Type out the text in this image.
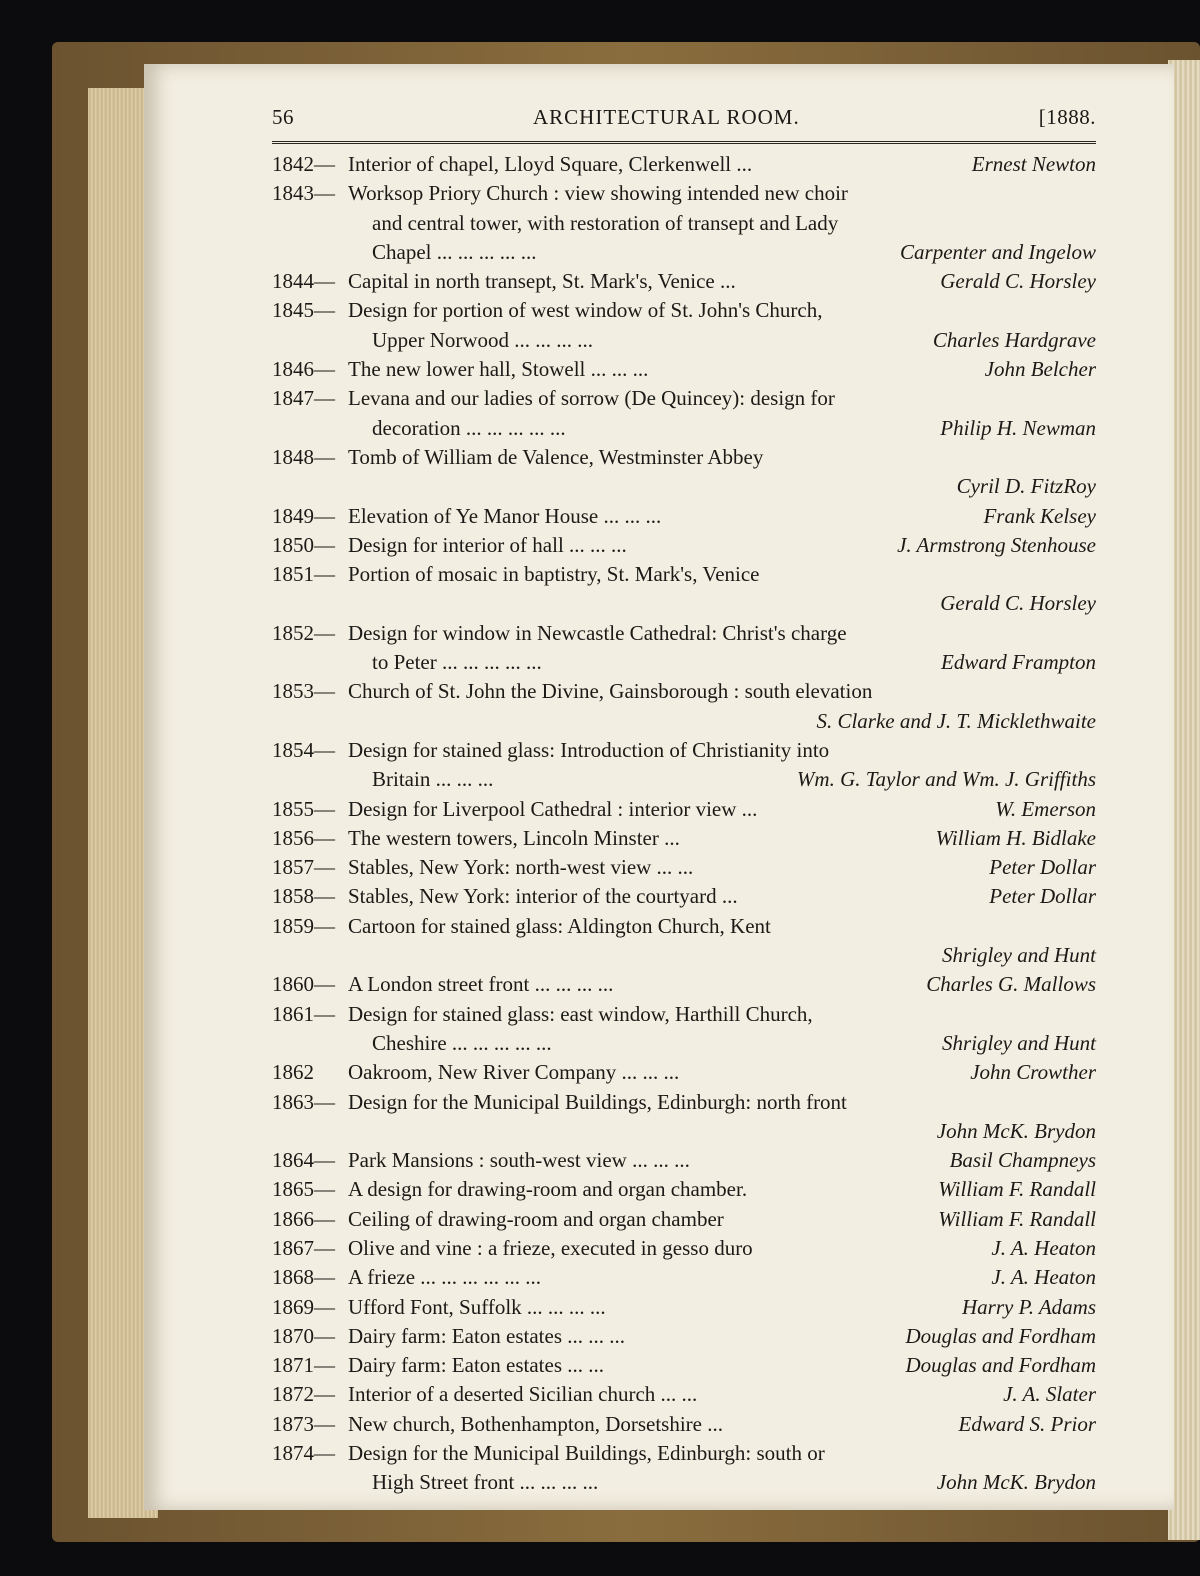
56	ARCHITECTURAL ROOM.	[1888.
1842— Interior of chapel, Lloyd Square, Clerkenwell ...	Ernest Newton
1843— Worksop Priory Church : view showing intended new choir
and central tower, with restoration of transept and Lady
Chapel ... ... ... ... ...	Carpenter and Ingelow
1844— Capital in north transept, St. Mark's, Venice ...	Gerald C. Horsley
1845— Design for portion of west window of St. John's Church,
Upper Norwood ... ... ... ...	Charles Hardgrave
1846— The new lower hall, Stowell ... ... ...	John Belcher
1847— Levana and our ladies of sorrow (De Quincey): design for
decoration ... ... ... ... ...	Philip H. Newman
1848— Tomb of William de Valence, Westminster Abbey
Cyril D. FitzRoy
1849— Elevation of Ye Manor House ... ... ...	Frank Kelsey
1850— Design for interior of hall ... ... ...	J. Armstrong Stenhouse
1851— Portion of mosaic in baptistry, St. Mark's, Venice
Gerald C. Horsley
1852— Design for window in Newcastle Cathedral: Christ's charge
to Peter ... ... ... ... ...	Edward Frampton
1853— Church of St. John the Divine, Gainsborough : south elevation
S. Clarke and J. T. Micklethwaite
1854— Design for stained glass: Introduction of Christianity into
Britain ... ... ...	Wm. G. Taylor and Wm. J. Griffiths
1855— Design for Liverpool Cathedral : interior view ...	W. Emerson
1856— The western towers, Lincoln Minster ...	William H. Bidlake
1857— Stables, New York: north-west view ... ...	Peter Dollar
1858— Stables, New York: interior of the courtyard ...	Peter Dollar
1859— Cartoon for stained glass: Aldington Church, Kent
Shrigley and Hunt
1860— A London street front ... ... ... ...	Charles G. Mallows
1861— Design for stained glass: east window, Harthill Church,
Cheshire ... ... ... ... ...	Shrigley and Hunt
1862	Oakroom, New River Company ... ... ...	John Crowther
1863— Design for the Municipal Buildings, Edinburgh: north front
John McK. Brydon
1864— Park Mansions : south-west view ... ... ...	Basil Champneys
1865— A design for drawing-room and organ chamber.	William F. Randall
1866— Ceiling of drawing-room and organ chamber	William F. Randall
1867— Olive and vine : a frieze, executed in gesso duro	J. A. Heaton
1868— A frieze ... ... ... ... ... ...	J. A. Heaton
1869— Ufford Font, Suffolk ... ... ... ...	Harry P. Adams
1870— Dairy farm: Eaton estates ... ... ...	Douglas and Fordham
1871— Dairy farm: Eaton estates ... ...	Douglas and Fordham
1872— Interior of a deserted Sicilian church ... ...	J. A. Slater
1873— New church, Bothenhampton, Dorsetshire ...	Edward S. Prior
1874— Design for the Municipal Buildings, Edinburgh: south or
High Street front ... ... ... ...	John McK. Brydon
